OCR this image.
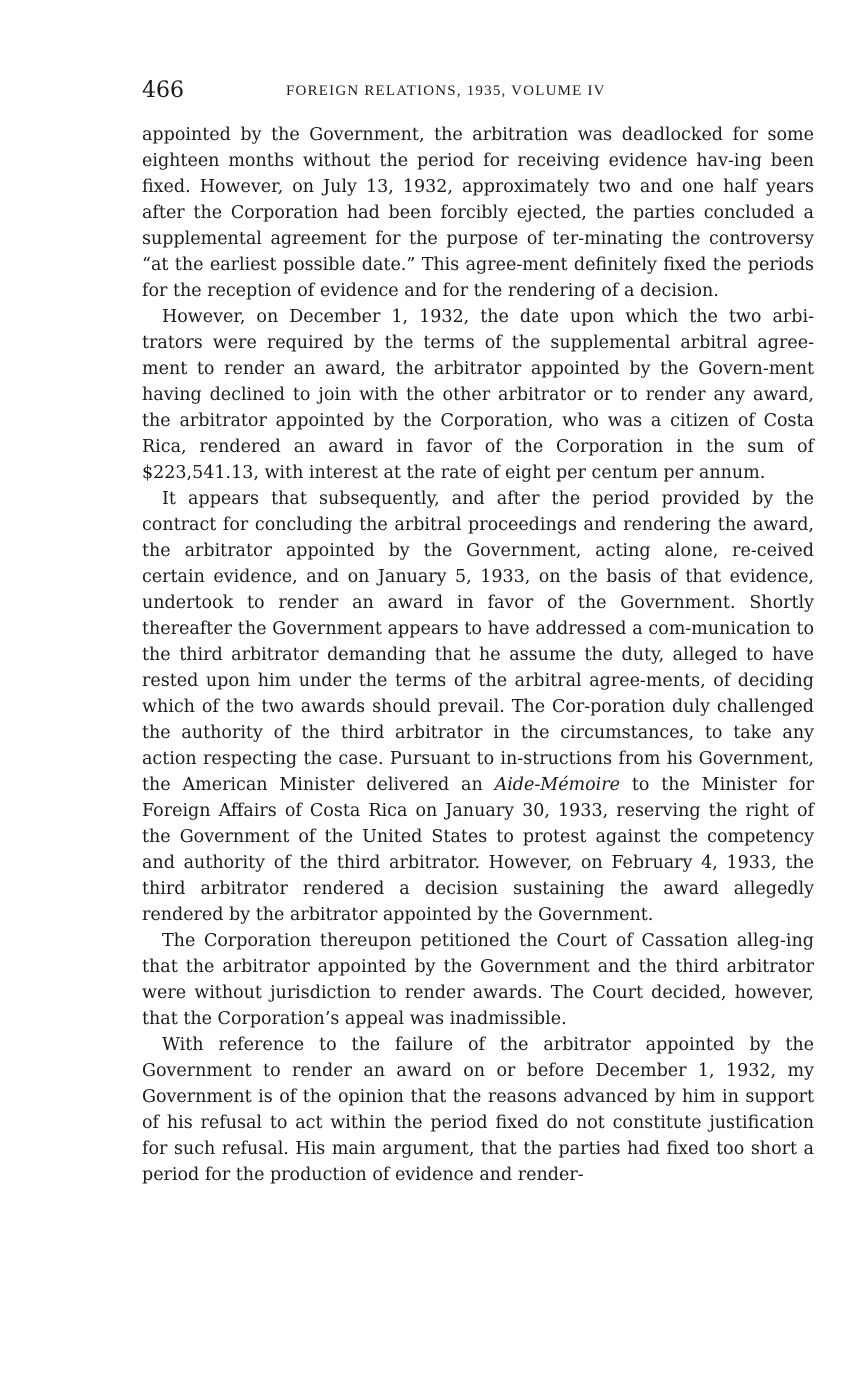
466	FOREIGN RELATIONS, 1935, VOLUME IV

appointed by the Government, the arbitration was deadlocked for some eighteen months without the period for receiving evidence hav-ing been fixed. However, on July 13, 1932, approximately two and one half years after the Corporation had been forcibly ejected, the parties concluded a supplemental agreement for the purpose of ter-minating the controversy “at the earliest possible date.” This agree-ment definitely fixed the periods for the reception of evidence and for the rendering of a decision.

However, on December 1, 1932, the date upon which the two arbi-trators were required by the terms of the supplemental arbitral agree-ment to render an award, the arbitrator appointed by the Govern-ment having declined to join with the other arbitrator or to render any award, the arbitrator appointed by the Corporation, who was a citizen of Costa Rica, rendered an award in favor of the Corporation in the sum of $223,541.13, with interest at the rate of eight per centum per annum.

It appears that subsequently, and after the period provided by the contract for concluding the arbitral proceedings and rendering the award, the arbitrator appointed by the Government, acting alone, re-ceived certain evidence, and on January 5, 1933, on the basis of that evidence, undertook to render an award in favor of the Government. Shortly thereafter the Government appears to have addressed a com-munication to the third arbitrator demanding that he assume the duty, alleged to have rested upon him under the terms of the arbitral agree-ments, of deciding which of the two awards should prevail. The Cor-poration duly challenged the authority of the third arbitrator in the circumstances, to take any action respecting the case. Pursuant to in-structions from his Government, the American Minister delivered an Aide-Mémoire to the Minister for Foreign Affairs of Costa Rica on January 30, 1933, reserving the right of the Government of the United States to protest against the competency and authority of the third arbitrator. However, on February 4, 1933, the third arbitrator rendered a decision sustaining the award allegedly rendered by the arbitrator appointed by the Government.

The Corporation thereupon petitioned the Court of Cassation alleg-ing that the arbitrator appointed by the Government and the third arbitrator were without jurisdiction to render awards. The Court decided, however, that the Corporation’s appeal was inadmissible.

With reference to the failure of the arbitrator appointed by the Government to render an award on or before December 1, 1932, my Government is of the opinion that the reasons advanced by him in support of his refusal to act within the period fixed do not constitute justification for such refusal. His main argument, that the parties had fixed too short a period for the production of evidence and render-
